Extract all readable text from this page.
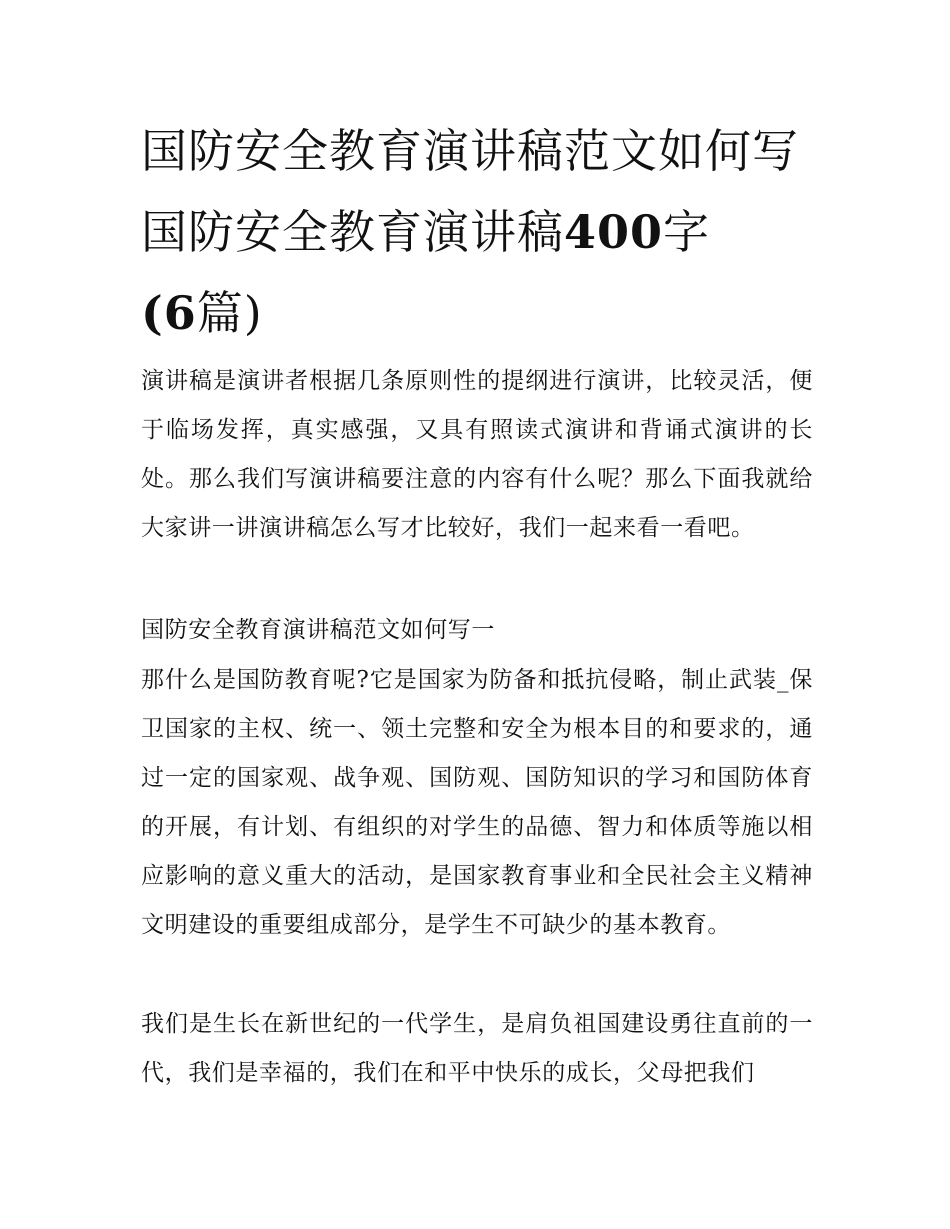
国防安全教育演讲稿范文如何写 国防安全教育演讲稿400字
(6篇)

演讲稿是演讲者根据几条原则性的提纲进行演讲，比较灵活，便于临场发挥，真实感强，又具有照读式演讲和背诵式演讲的长处。那么我们写演讲稿要注意的内容有什么呢？那么下面我就给大家讲一讲演讲稿怎么写才比较好，我们一起来看一看吧。

国防安全教育演讲稿范文如何写一

那什么是国防教育呢?它是国家为防备和抵抗侵略，制止武装_保卫国家的主权、统一、领土完整和安全为根本目的和要求的，通过一定的国家观、战争观、国防观、国防知识的学习和国防体育的开展，有计划、有组织的对学生的品德、智力和体质等施以相应影响的意义重大的活动，是国家教育事业和全民社会主义精神文明建设的重要组成部分，是学生不可缺少的基本教育。

我们是生长在新世纪的一代学生，是肩负祖国建设勇往直前的一代，我们是幸福的，我们在和平中快乐的成长，父母把我们
